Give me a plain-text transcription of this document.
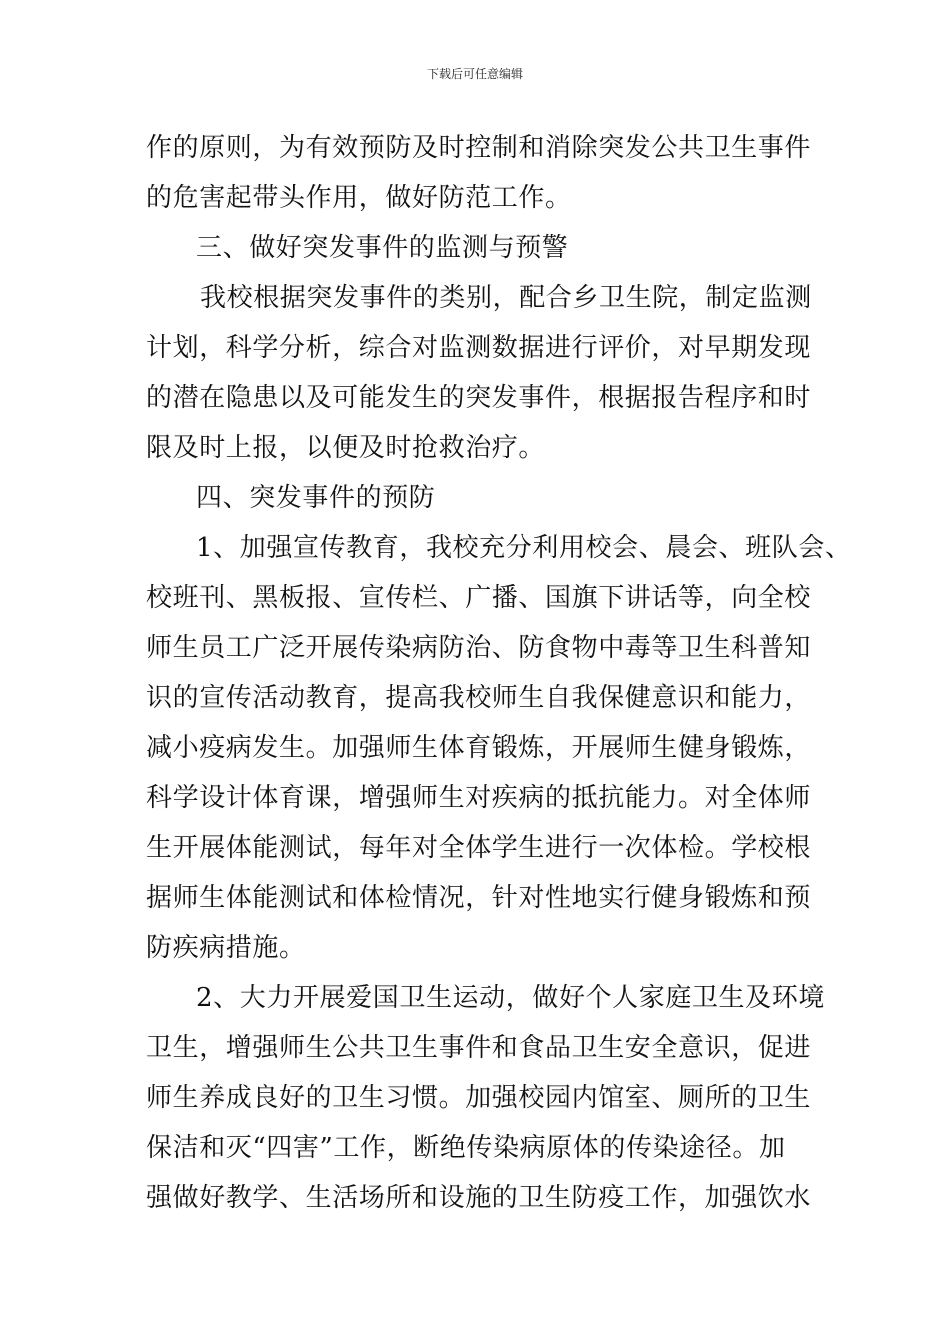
下载后可任意编辑
作的原则，为有效预防及时控制和消除突发公共卫生事件
的危害起带头作用，做好防范工作。
三、做好突发事件的监测与预警
我校根据突发事件的类别，配合乡卫生院，制定监测
计划，科学分析，综合对监测数据进行评价，对早期发现
的潜在隐患以及可能发生的突发事件，根据报告程序和时
限及时上报，以便及时抢救治疗。
四、突发事件的预防
1、加强宣传教育，我校充分利用校会、晨会、班队会、
校班刊、黑板报、宣传栏、广播、国旗下讲话等，向全校
师生员工广泛开展传染病防治、防食物中毒等卫生科普知
识的宣传活动教育，提高我校师生自我保健意识和能力，
减小疫病发生。加强师生体育锻炼，开展师生健身锻炼，
科学设计体育课，增强师生对疾病的抵抗能力。对全体师
生开展体能测试，每年对全体学生进行一次体检。学校根
据师生体能测试和体检情况，针对性地实行健身锻炼和预
防疾病措施。
2、大力开展爱国卫生运动，做好个人家庭卫生及环境
卫生，增强师生公共卫生事件和食品卫生安全意识，促进
师生养成良好的卫生习惯。加强校园内馆室、厕所的卫生
保洁和灭“四害”工作，断绝传染病原体的传染途径。加
强做好教学、生活场所和设施的卫生防疫工作，加强饮水
